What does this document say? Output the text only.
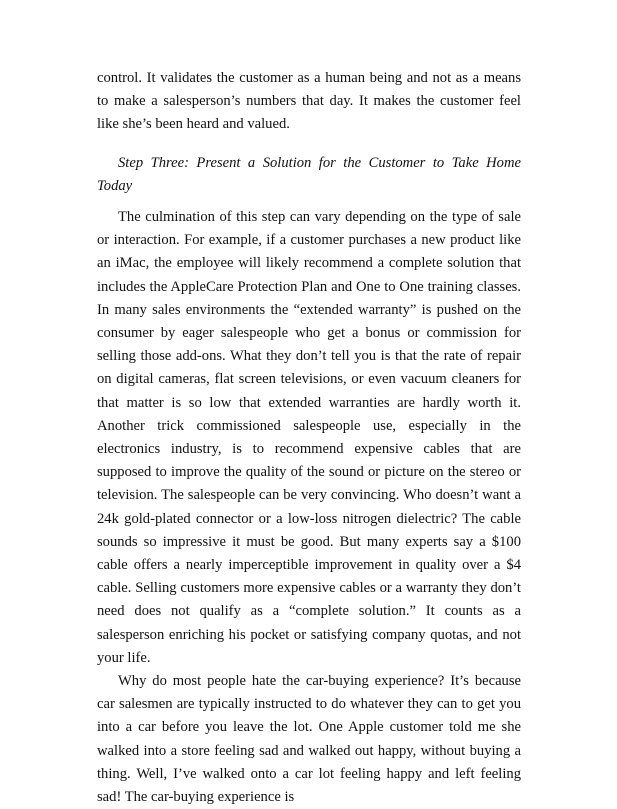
control. It validates the customer as a human being and not as a means to make a salesperson’s numbers that day. It makes the customer feel like she’s been heard and valued.

Step Three: Present a Solution for the Customer to Take Home Today

The culmination of this step can vary depending on the type of sale or interaction. For example, if a customer purchases a new product like an iMac, the employee will likely recommend a complete solution that includes the AppleCare Protection Plan and One to One training classes. In many sales environments the “extended warranty” is pushed on the consumer by eager salespeople who get a bonus or commission for selling those add-ons. What they don’t tell you is that the rate of repair on digital cameras, flat screen televisions, or even vacuum cleaners for that matter is so low that extended warranties are hardly worth it. Another trick commissioned salespeople use, especially in the electronics industry, is to recommend expensive cables that are supposed to improve the quality of the sound or picture on the stereo or television. The salespeople can be very convincing. Who doesn’t want a 24k gold-plated connector or a low-loss nitrogen dielectric? The cable sounds so impressive it must be good. But many experts say a $100 cable offers a nearly imperceptible improvement in quality over a $4 cable. Selling customers more expensive cables or a warranty they don’t need does not qualify as a “complete solution.” It counts as a salesperson enriching his pocket or satisfying company quotas, and not your life.

Why do most people hate the car-buying experience? It’s because car salesmen are typically instructed to do whatever they can to get you into a car before you leave the lot. One Apple customer told me she walked into a store feeling sad and walked out happy, without buying a thing. Well, I’ve walked onto a car lot feeling happy and left feeling sad! The car-buying experience is
